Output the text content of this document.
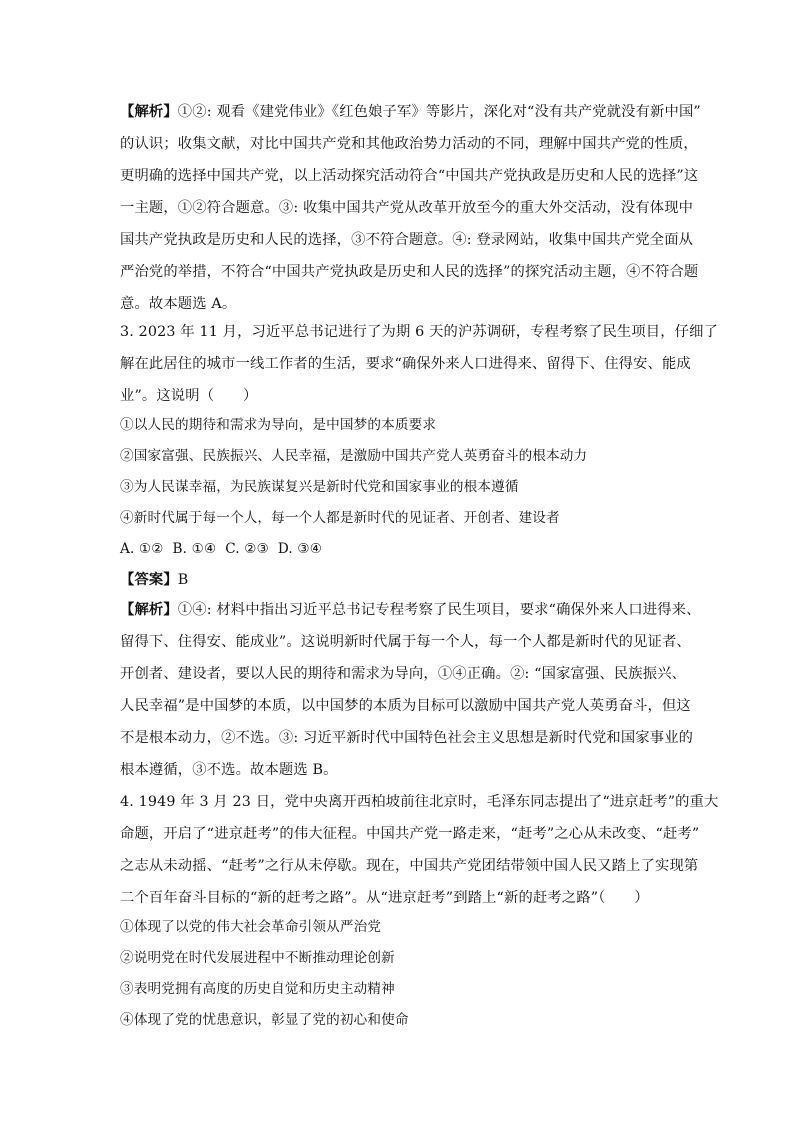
【解析】①②: 观看《建党伟业》《红色娘子军》等影片，深化对“没有共产党就没有新中国”
的认识；收集文献，对比中国共产党和其他政治势力活动的不同，理解中国共产党的性质，
更明确的选择中国共产党，以上活动探究活动符合“中国共产党执政是历史和人民的选择”这
一主题，①②符合题意。③: 收集中国共产党从改革开放至今的重大外交活动，没有体现中
国共产党执政是历史和人民的选择，③不符合题意。④: 登录网站，收集中国共产党全面从
严治党的举措，不符合“中国共产党执政是历史和人民的选择”的探究活动主题，④不符合题
意。故本题选 A。
3. 2023 年 11 月，习近平总书记进行了为期 6 天的沪苏调研，专程考察了民生项目，仔细了
解在此居住的城市一线工作者的生活，要求“确保外来人口进得来、留得下、住得安、能成
业”。这说明（　　）
①以人民的期待和需求为导向，是中国梦的本质要求
②国家富强、民族振兴、人民幸福，是激励中国共产党人英勇奋斗的根本动力
③为人民谋幸福，为民族谋复兴是新时代党和国家事业的根本遵循
④新时代属于每一个人，每一个人都是新时代的见证者、开创者、建设者
A. ①②  B. ①④  C. ②③  D. ③④
【答案】B
【解析】①④: 材料中指出习近平总书记专程考察了民生项目，要求“确保外来人口进得来、
留得下、住得安、能成业”。这说明新时代属于每一个人，每一个人都是新时代的见证者、
开创者、建设者，要以人民的期待和需求为导向，①④正确。②: “国家富强、民族振兴、
人民幸福”是中国梦的本质，以中国梦的本质为目标可以激励中国共产党人英勇奋斗，但这
不是根本动力，②不选。③: 习近平新时代中国特色社会主义思想是新时代党和国家事业的
根本遵循，③不选。故本题选 B。
4. 1949 年 3 月 23 日，党中央离开西柏坡前往北京时，毛泽东同志提出了“进京赶考”的重大
命题，开启了“进京赶考”的伟大征程。中国共产党一路走来，“赶考”之心从未改变、“赶考”
之志从未动摇、“赶考”之行从未停歇。现在，中国共产党团结带领中国人民又踏上了实现第
二个百年奋斗目标的“新的赶考之路”。从“进京赶考”到踏上“新的赶考之路”（　　）
①体现了以党的伟大社会革命引领从严治党
②说明党在时代发展进程中不断推动理论创新
③表明党拥有高度的历史自觉和历史主动精神
④体现了党的忧患意识，彰显了党的初心和使命
